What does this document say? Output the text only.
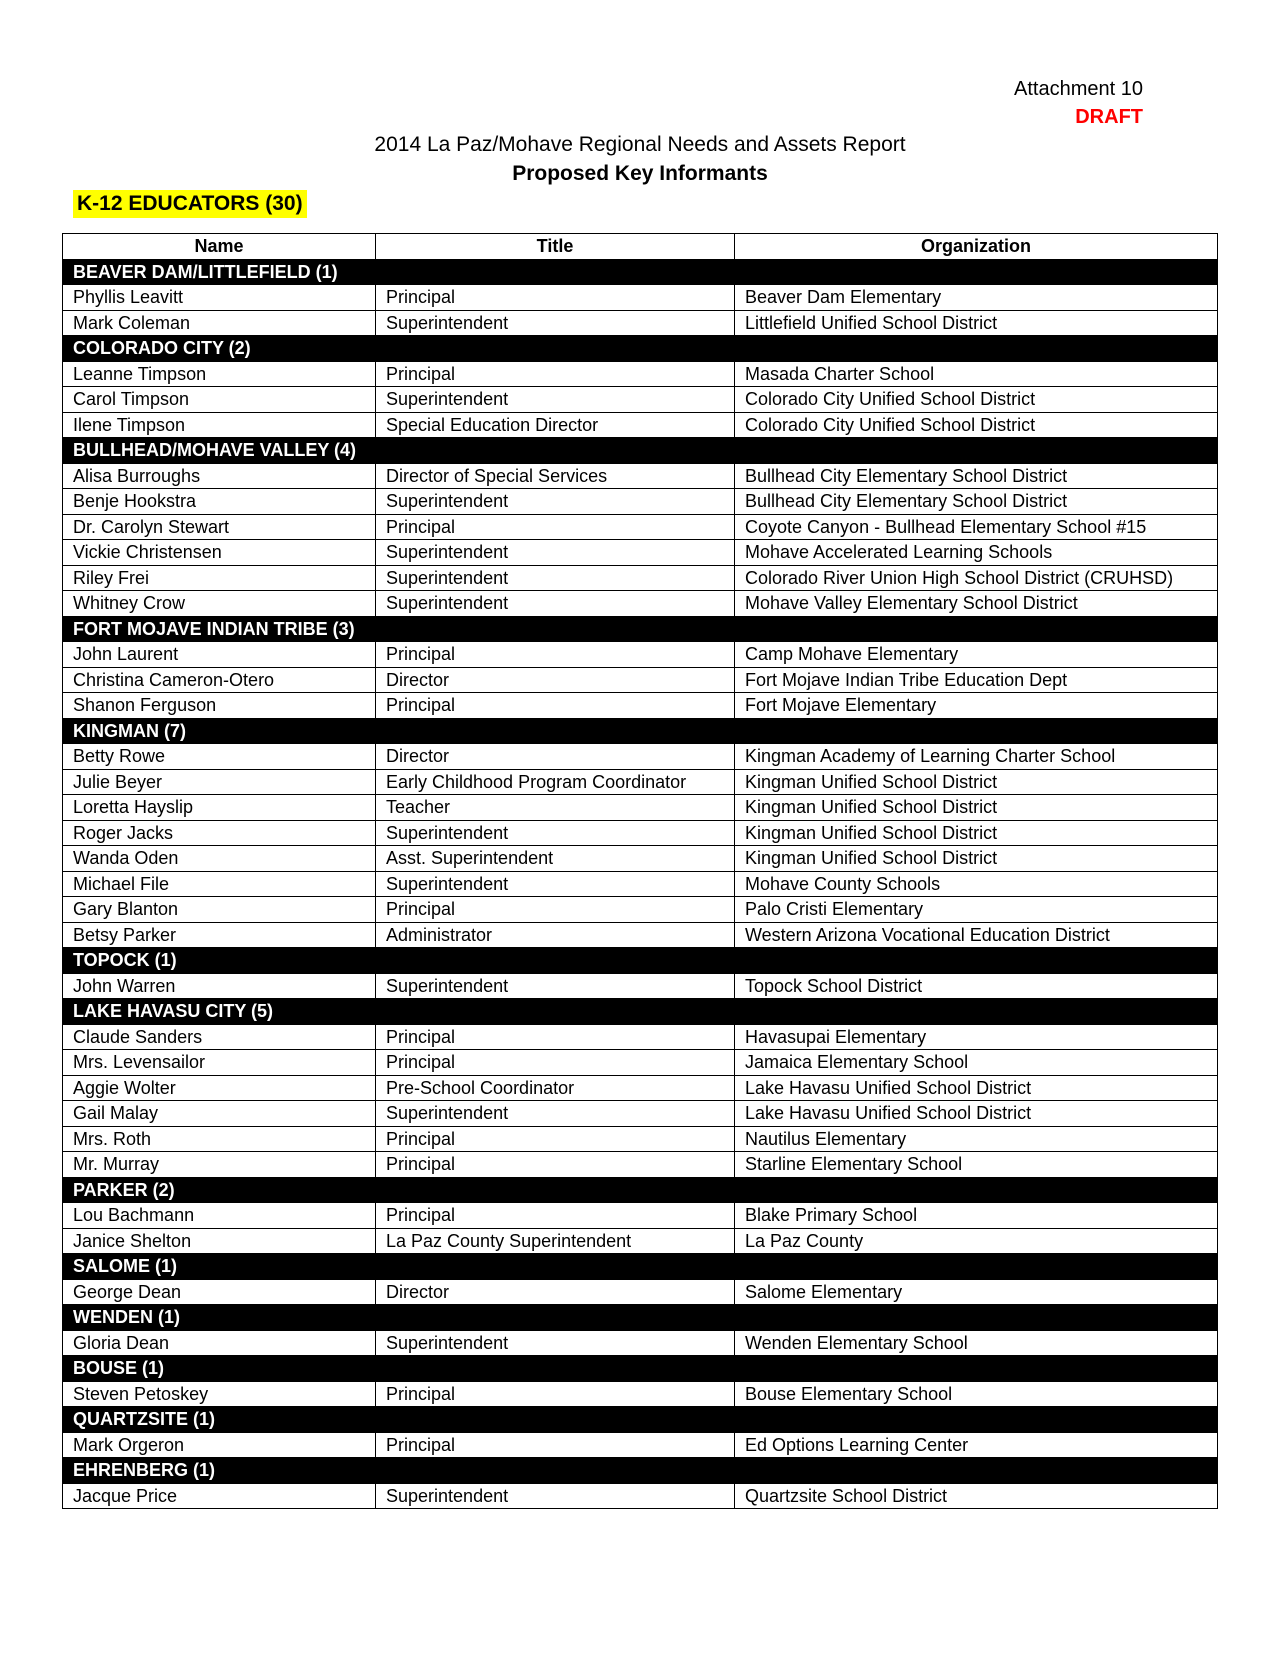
Attachment 10
DRAFT
2014 La Paz/Mohave Regional Needs and Assets Report
Proposed Key Informants
K-12 EDUCATORS (30)
Name	Title	Organization
BEAVER DAM/LITTLEFIELD (1)		
Phyllis Leavitt	Principal	Beaver Dam Elementary
Mark Coleman	Superintendent	Littlefield Unified School District
COLORADO CITY (2)		
Leanne Timpson	Principal	Masada Charter School
Carol Timpson	Superintendent	Colorado City Unified School District
Ilene Timpson	Special Education Director	Colorado City Unified School District
BULLHEAD/MOHAVE VALLEY (4)		
Alisa Burroughs	Director of Special Services	Bullhead City Elementary School District
Benje Hookstra	Superintendent	Bullhead City Elementary School District
Dr. Carolyn Stewart	Principal	Coyote Canyon - Bullhead Elementary School #15
Vickie Christensen	Superintendent	Mohave Accelerated Learning Schools
Riley Frei	Superintendent	Colorado River Union High School District (CRUHSD)
Whitney Crow	Superintendent	Mohave Valley Elementary School District
FORT MOJAVE INDIAN TRIBE (3)		
John Laurent	Principal	Camp Mohave Elementary
Christina Cameron-Otero	Director	Fort Mojave Indian Tribe Education Dept
Shanon Ferguson	Principal	Fort Mojave Elementary
KINGMAN (7)		
Betty Rowe	Director	Kingman Academy of Learning Charter School
Julie Beyer	Early Childhood Program Coordinator	Kingman Unified School District
Loretta Hayslip	Teacher	Kingman Unified School District
Roger Jacks	Superintendent	Kingman Unified School District
Wanda Oden	Asst. Superintendent	Kingman Unified School District
Michael File	Superintendent	Mohave County Schools
Gary Blanton	Principal	Palo Cristi Elementary
Betsy Parker	Administrator	Western Arizona Vocational Education District
TOPOCK (1)		
John Warren	Superintendent	Topock School District
LAKE HAVASU CITY (5)		
Claude Sanders	Principal	Havasupai Elementary
Mrs. Levensailor	Principal	Jamaica Elementary School
Aggie Wolter	Pre-School Coordinator	Lake Havasu Unified School District
Gail Malay	Superintendent	Lake Havasu Unified School District
Mrs. Roth	Principal	Nautilus Elementary
Mr. Murray	Principal	Starline Elementary School
PARKER (2)		
Lou Bachmann	Principal	Blake Primary School
Janice Shelton	La Paz County Superintendent	La Paz County
SALOME (1)		
George Dean	Director	Salome Elementary
WENDEN (1)		
Gloria Dean	Superintendent	Wenden Elementary School
BOUSE (1)		
Steven Petoskey	Principal	Bouse Elementary School
QUARTZSITE (1)		
Mark Orgeron	Principal	Ed Options Learning Center
EHRENBERG (1)		
Jacque Price	Superintendent	Quartzsite School District
